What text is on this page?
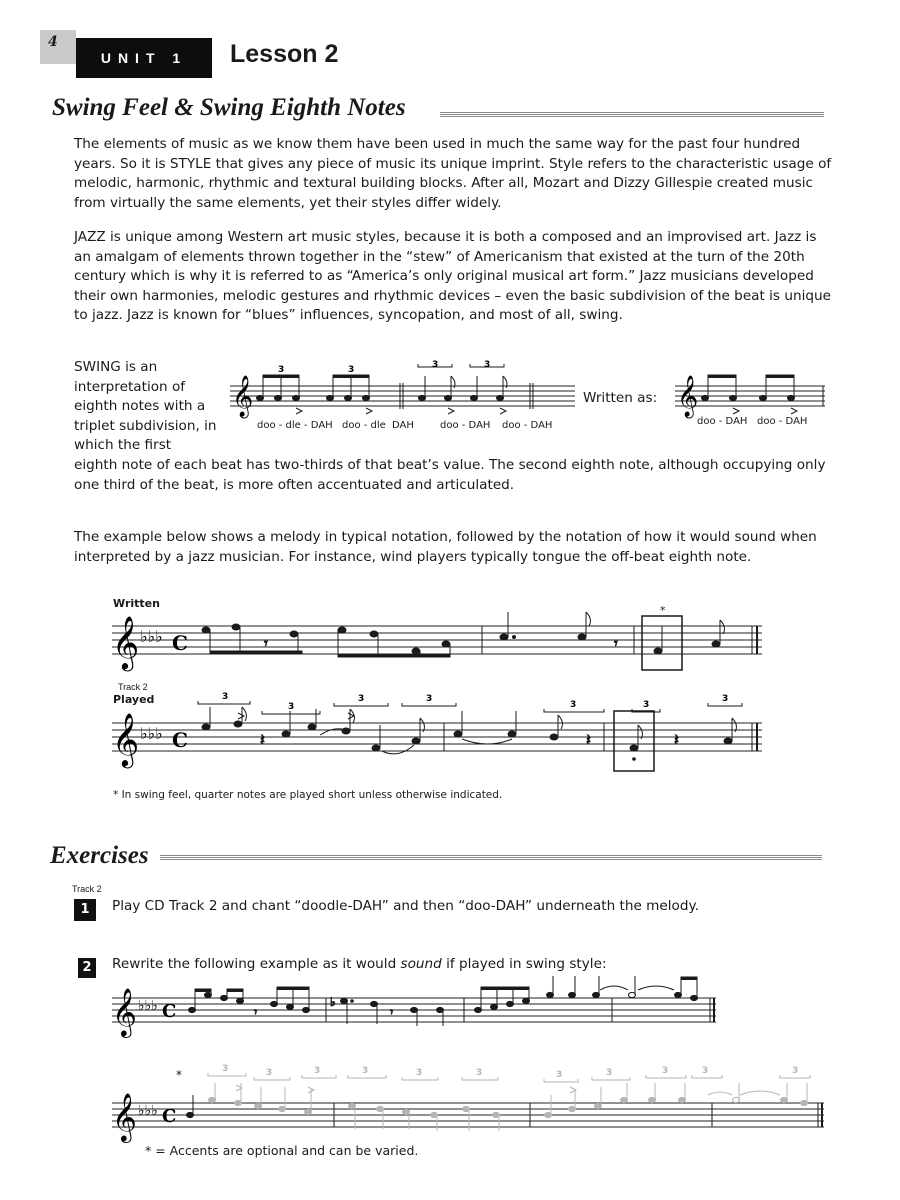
4
UNIT 1	Lesson 2
Swing Feel & Swing Eighth Notes
The elements of music as we know them have been used in much the same way for the past four hundred years. So it is STYLE that gives any piece of music its unique imprint. Style refers to the characteristic usage of melodic, harmonic, rhythmic and textural building blocks. After all, Mozart and Dizzy Gillespie created music from virtually the same elements, yet their styles differ widely.
JAZZ is unique among Western art music styles, because it is both a composed and an improvised art. Jazz is an amalgam of elements thrown together in the “stew” of Americanism that existed at the turn of the 20th century which is why it is referred to as “America’s only original musical art form.” Jazz musicians developed their own harmonies, melodic gestures and rhythmic devices – even the basic subdivision of the beat is unique to jazz. Jazz is known for “blues” influences, syncopation, and most of all, swing.
SWING is an interpretation of eighth notes with a triplet subdivision, in which the first
𝄞
3	3	3	3
doo - dle - DAH doo - dle DAH	doo - DAH doo - DAH
Written as: 𝄞
doo - DAH doo - DAH
eighth note of each beat has two-thirds of that beat’s value. The second eighth note, although occupying only one third of the beat, is more often accentuated and articulated.
The example below shows a melody in typical notation, followed by the notation of how it would sound when interpreted by a jazz musician. For instance, wind players typically tongue the off-beat eighth note.
Written
*
𝄞 ♭♭♭ C	𝄾	𝄾
Track 2
Played
𝄞 ♭♭♭ C	𝄽	𝄽	𝄽
3
3
3	3
3	3
3
* In swing feel, quarter notes are played short unless otherwise indicated.
Exercises
Track 2
1	Play CD Track 2 and chant “doodle-DAH” and then “doo-DAH” underneath the melody.
2	Rewrite the following example as it would sound if played in swing style:
𝄞 ♭♭♭ C	𝄾
♭
𝄾
𝄞 ♭♭♭ C
3	3	3	3	3	3	3	3	3	3	3
*
* = Accents are optional and can be varied.
